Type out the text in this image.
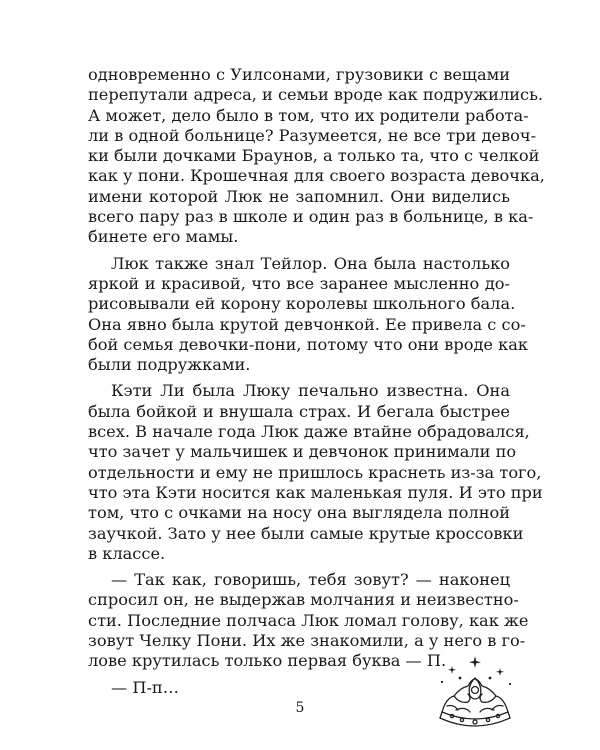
одновременно с Уилсонами, грузовики с вещами
перепутали адреса, и семьи вроде как подружились.
А может, дело было в том, что их родители работа-
ли в одной больнице? Разумеется, не все три девоч-
ки были дочками Браунов, а только та, что с челкой
как у пони. Крошечная для своего возраста девочка,
имени которой Люк не запомнил. Они виделись
всего пару раз в школе и один раз в больнице, в ка-
бинете его мамы.

Люк также знал Тейлор. Она была настолько
яркой и красивой, что все заранее мысленно до-
рисовывали ей корону королевы школьного бала.
Она явно была крутой девчонкой. Ее привела с со-
бой семья девочки-пони, потому что они вроде как
были подружками.

Кэти Ли была Люку печально известна. Она
была бойкой и внушала страх. И бегала быстрее
всех. В начале года Люк даже втайне обрадовался,
что зачет у мальчишек и девчонок принимали по
отдельности и ему не пришлось краснеть из-за того,
что эта Кэти носится как маленькая пуля. И это при
том, что с очками на носу она выглядела полной
заучкой. Зато у нее были самые крутые кроссовки
в классе.

— Так как, говоришь, тебя зовут? — наконец
спросил он, не выдержав молчания и неизвестно-
сти. Последние полчаса Люк ломал голову, как же
зовут Челку Пони. Их же знакомили, а у него в го-
лове крутилась только первая буква — П.

— П-п…

5
